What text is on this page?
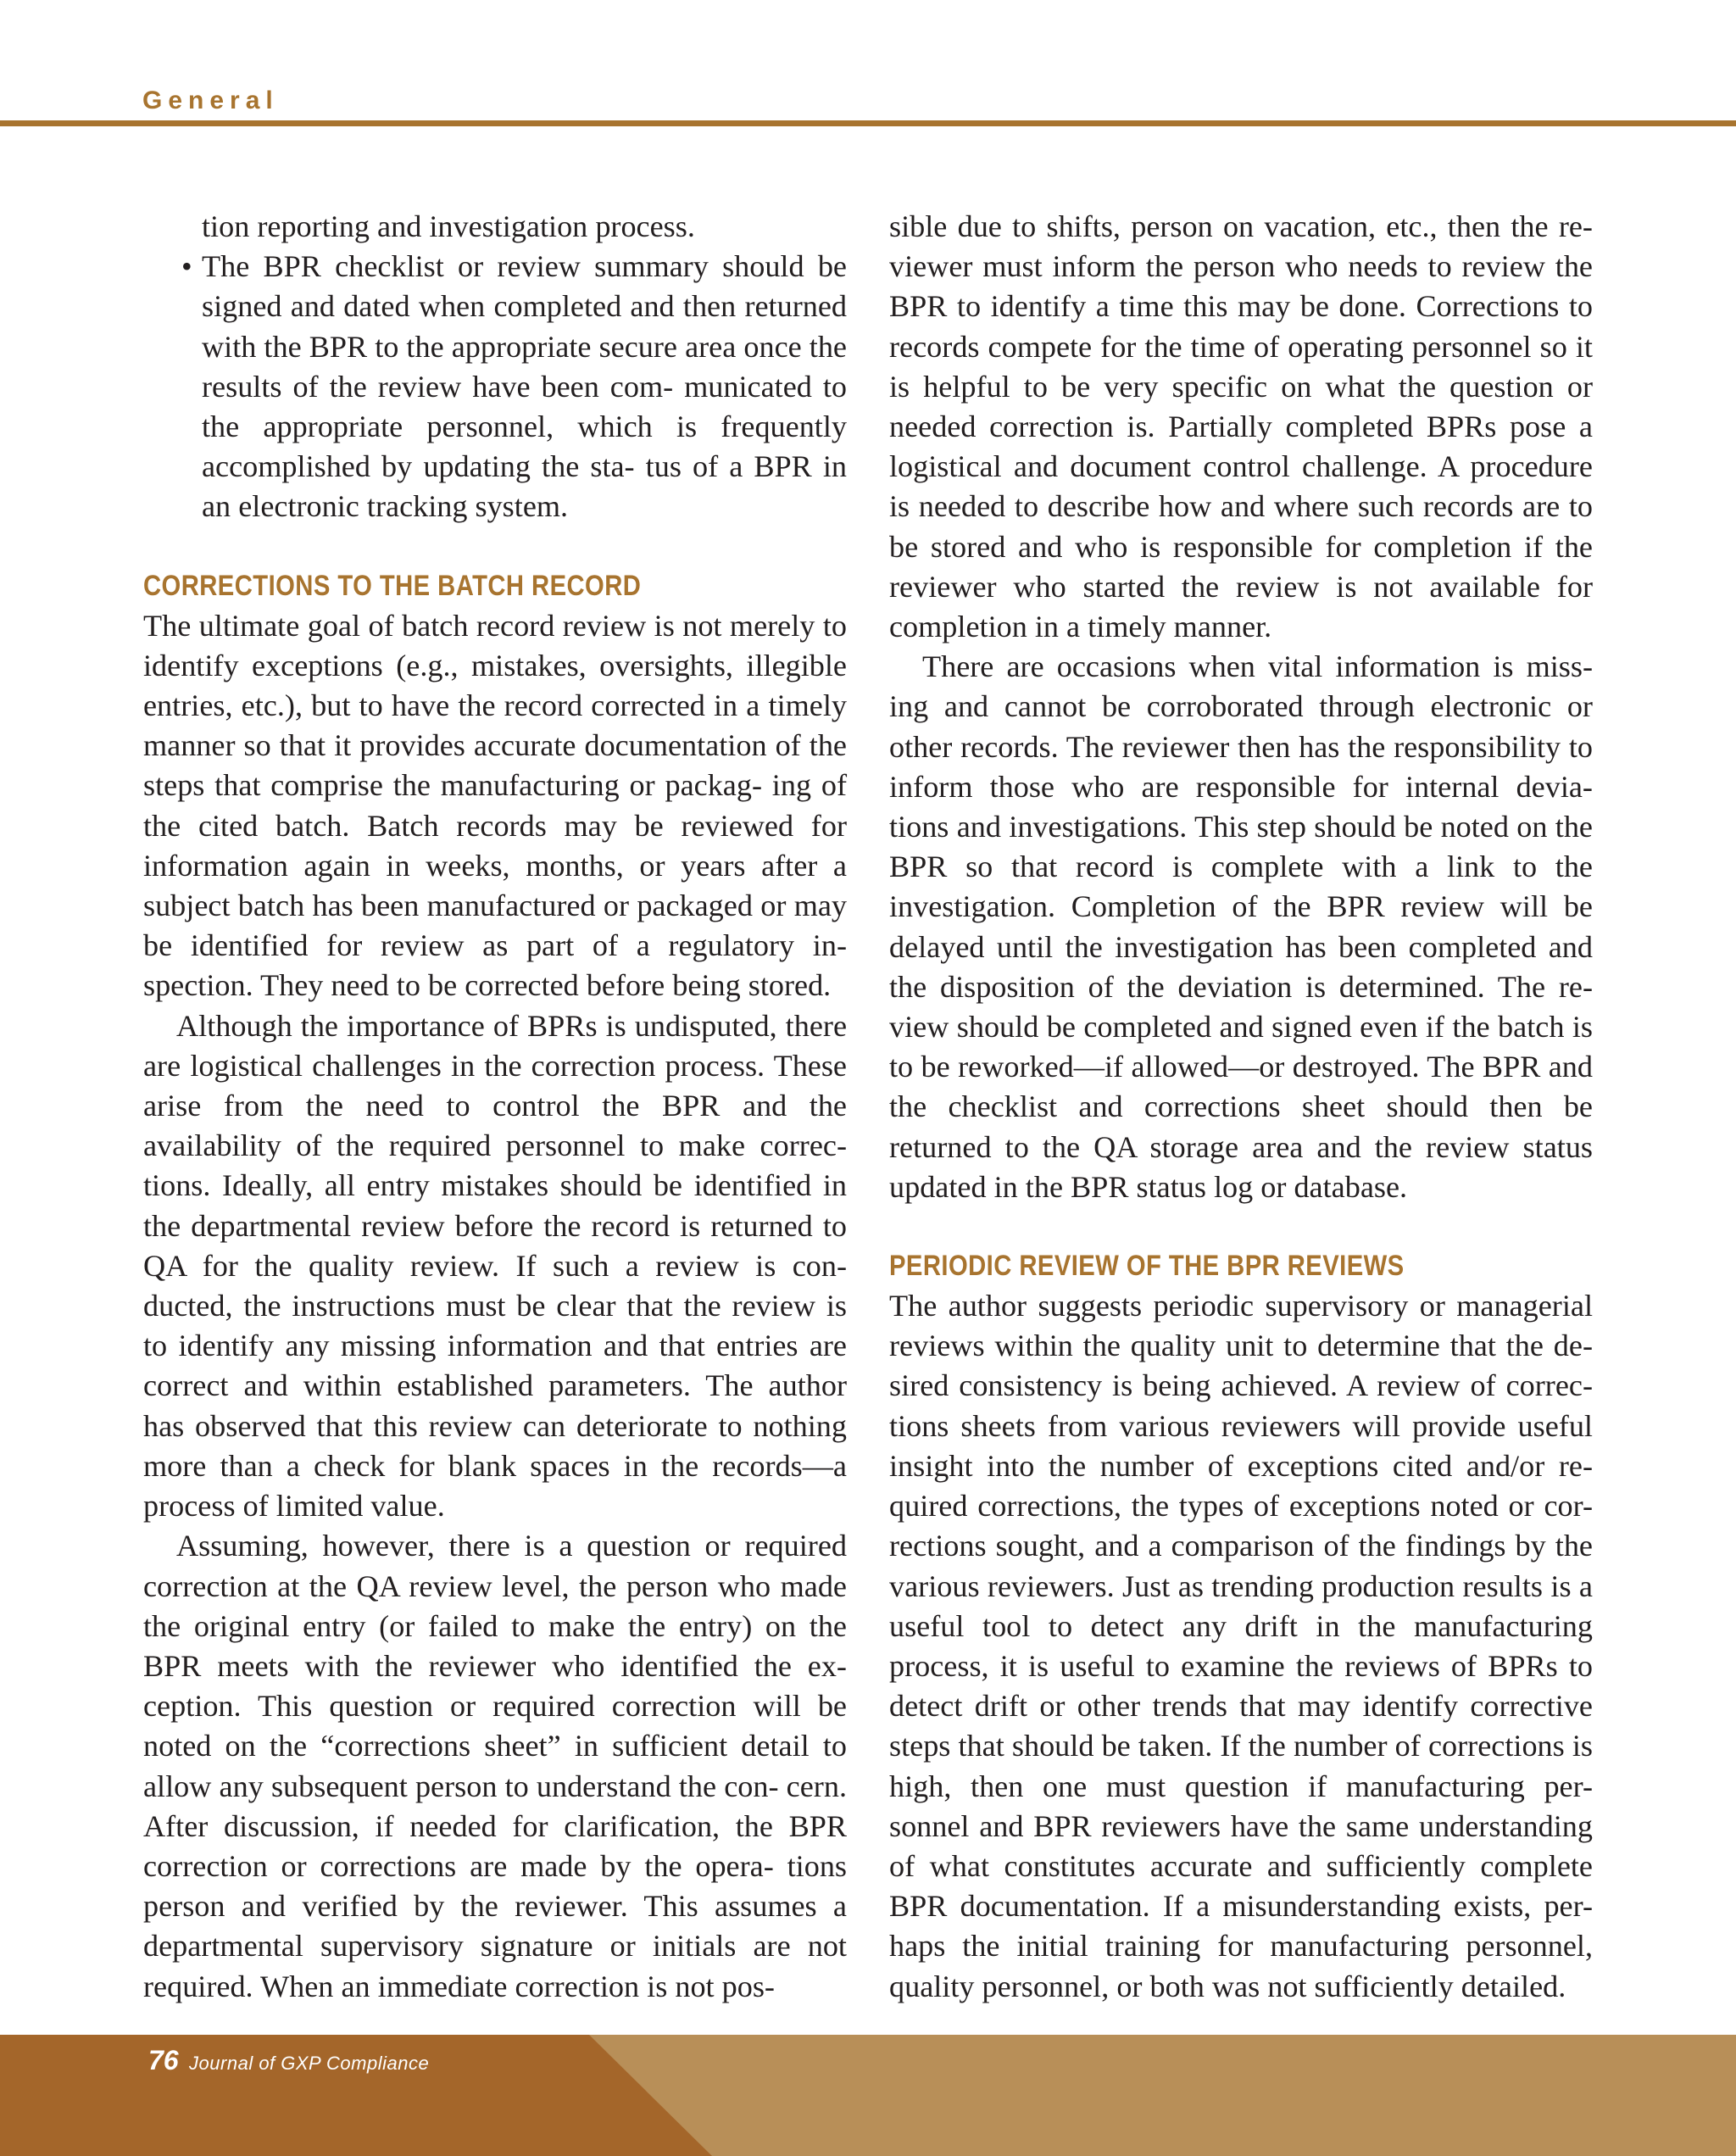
General

tion reporting and investigation process.

• The BPR checklist or review summary should be signed and dated when completed and then returned with the BPR to the appropriate secure area once the results of the review have been com- municated to the appropriate personnel, which is frequently accomplished by updating the sta- tus of a BPR in an electronic tracking system.

CORRECTIONS TO THE BATCH RECORD

The ultimate goal of batch record review is not merely to identify exceptions (e.g., mistakes, oversights, illegible entries, etc.), but to have the record corrected in a timely manner so that it provides accurate documentation of the steps that comprise the manufacturing or packag- ing of the cited batch. Batch records may be reviewed for information again in weeks, months, or years after a subject batch has been manufactured or packaged or may be identified for review as part of a regulatory in- spection. They need to be corrected before being stored.

Although the importance of BPRs is undisputed, there are logistical challenges in the correction process. These arise from the need to control the BPR and the availability of the required personnel to make correc- tions. Ideally, all entry mistakes should be identified in the departmental review before the record is returned to QA for the quality review. If such a review is con- ducted, the instructions must be clear that the review is to identify any missing information and that entries are correct and within established parameters. The author has observed that this review can deteriorate to nothing more than a check for blank spaces in the records—a process of limited value.

Assuming, however, there is a question or required correction at the QA review level, the person who made the original entry (or failed to make the entry) on the BPR meets with the reviewer who identified the ex- ception. This question or required correction will be noted on the “corrections sheet” in sufficient detail to allow any subsequent person to understand the con- cern. After discussion, if needed for clarification, the BPR correction or corrections are made by the opera- tions person and verified by the reviewer. This assumes a departmental supervisory signature or initials are not required. When an immediate correction is not pos-

sible due to shifts, person on vacation, etc., then the re- viewer must inform the person who needs to review the BPR to identify a time this may be done. Corrections to records compete for the time of operating personnel so it is helpful to be very specific on what the question or needed correction is. Partially completed BPRs pose a logistical and document control challenge. A procedure is needed to describe how and where such records are to be stored and who is responsible for completion if the reviewer who started the review is not available for completion in a timely manner.

There are occasions when vital information is miss- ing and cannot be corroborated through electronic or other records. The reviewer then has the responsibility to inform those who are responsible for internal devia- tions and investigations. This step should be noted on the BPR so that record is complete with a link to the investigation. Completion of the BPR review will be delayed until the investigation has been completed and the disposition of the deviation is determined. The re- view should be completed and signed even if the batch is to be reworked—if allowed—or destroyed. The BPR and the checklist and corrections sheet should then be returned to the QA storage area and the review status updated in the BPR status log or database.

PERIODIC REVIEW OF THE BPR REVIEWS

The author suggests periodic supervisory or managerial reviews within the quality unit to determine that the de- sired consistency is being achieved. A review of correc- tions sheets from various reviewers will provide useful insight into the number of exceptions cited and/or re- quired corrections, the types of exceptions noted or cor- rections sought, and a comparison of the findings by the various reviewers. Just as trending production results is a useful tool to detect any drift in the manufacturing process, it is useful to examine the reviews of BPRs to detect drift or other trends that may identify corrective steps that should be taken. If the number of corrections is high, then one must question if manufacturing per- sonnel and BPR reviewers have the same understanding of what constitutes accurate and sufficiently complete BPR documentation. If a misunderstanding exists, per- haps the initial training for manufacturing personnel, quality personnel, or both was not sufficiently detailed.

76 Journal of GXP Compliance
